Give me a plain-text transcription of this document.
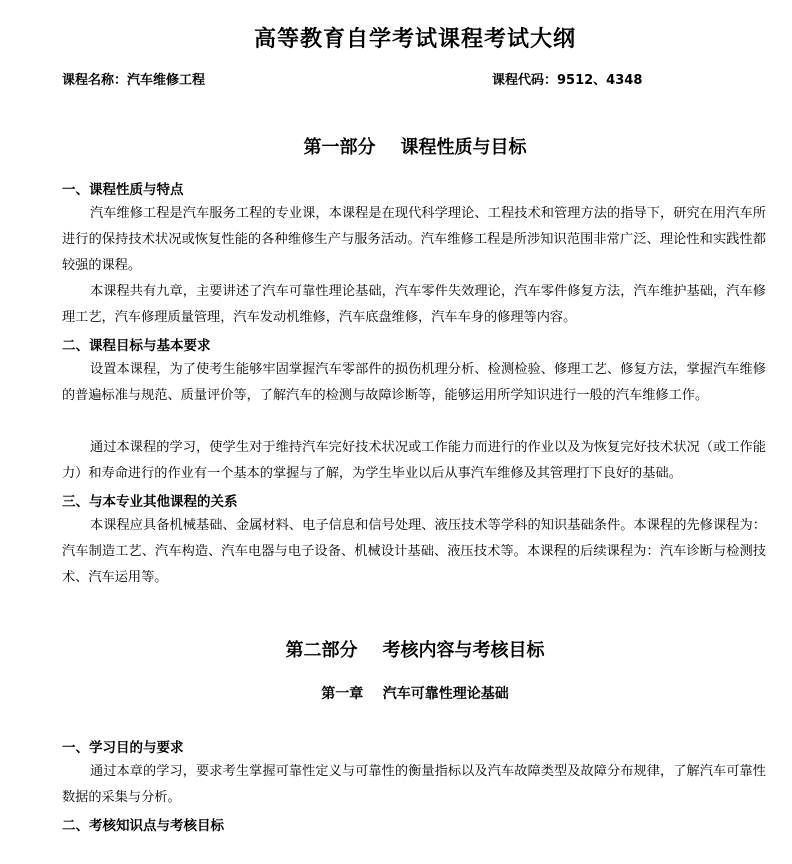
高等教育自学考试课程考试大纲
课程名称：汽车维修工程	课程代码：9512、4348
第一部分    课程性质与目标
一、课程性质与特点

汽车维修工程是汽车服务工程的专业课，本课程是在现代科学理论、工程技术和管理方法的指导下，研究在用汽车所进行的保持技术状况或恢复性能的各种维修生产与服务活动。汽车维修工程是所涉知识范围非常广泛、理论性和实践性都较强的课程。

本课程共有九章，主要讲述了汽车可靠性理论基础，汽车零件失效理论，汽车零件修复方法，汽车维护基础，汽车修理工艺，汽车修理质量管理，汽车发动机维修，汽车底盘维修，汽车车身的修理等内容。

二、课程目标与基本要求

设置本课程，为了使考生能够牢固掌握汽车零部件的损伤机理分析、检测检验、修理工艺、修复方法，掌握汽车维修的普遍标准与规范、质量评价等，了解汽车的检测与故障诊断等，能够运用所学知识进行一般的汽车维修工作。

通过本课程的学习，使学生对于维持汽车完好技术状况或工作能力而进行的作业以及为恢复完好技术状况（或工作能力）和寿命进行的作业有一个基本的掌握与了解，为学生毕业以后从事汽车维修及其管理打下良好的基础。

三、与本专业其他课程的关系

本课程应具备机械基础、金属材料、电子信息和信号处理、液压技术等学科的知识基础条件。本课程的先修课程为：汽车制造工艺、汽车构造、汽车电器与电子设备、机械设计基础、液压技术等。本课程的后续课程为：汽车诊断与检测技术、汽车运用等。

第二部分    考核内容与考核目标
第一章    汽车可靠性理论基础
一、学习目的与要求

通过本章的学习，要求考生掌握可靠性定义与可靠性的衡量指标以及汽车故障类型及故障分布规律，了解汽车可靠性数据的采集与分析。

二、考核知识点与考核目标
